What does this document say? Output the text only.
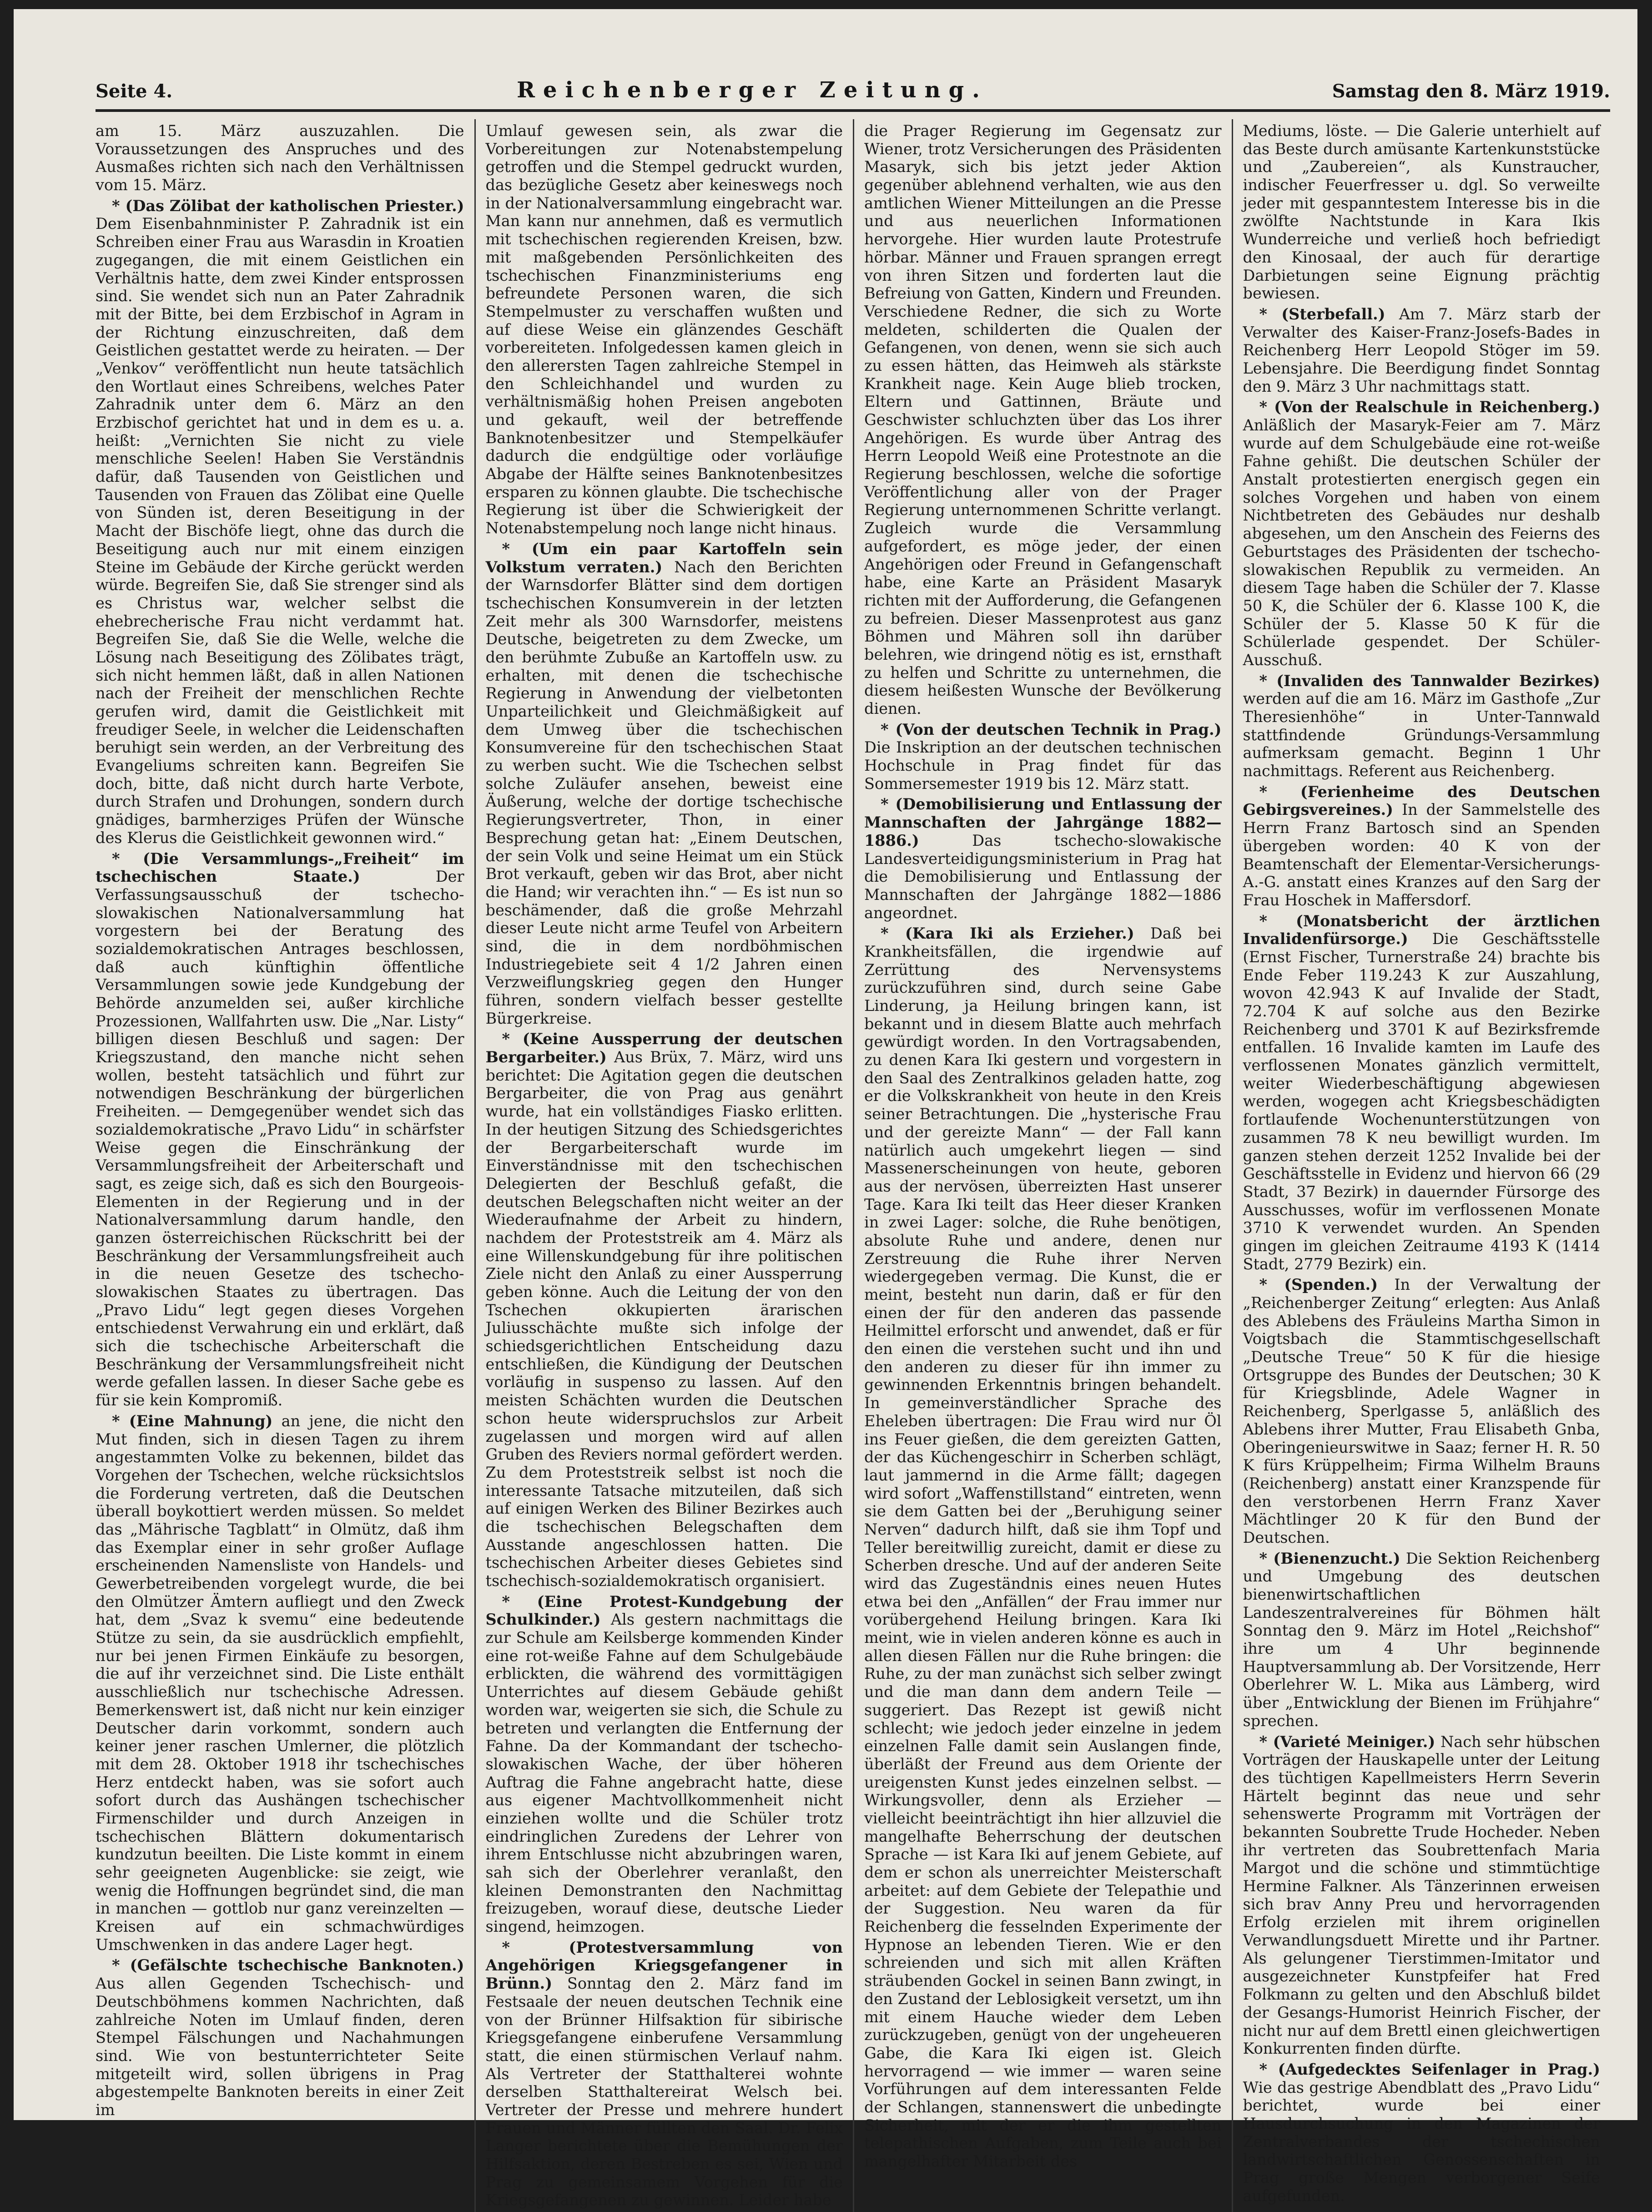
Seite 4.	Reichenberger Zeitung.	Samstag den 8. März 1919.

am 15. März auszuzahlen. Die Voraussetzungen des Anspruches und des Ausmaßes richten sich nach den Verhältnissen vom 15. März.

* (Das Zölibat der katholischen Priester.) Dem Eisenbahnminister P. Zahradnik ist ein Schreiben einer Frau aus Warasdin in Kroatien zugegangen, die mit einem Geistlichen ein Verhältnis hatte, dem zwei Kinder entsprossen sind. Sie wendet sich nun an Pater Zahradnik mit der Bitte, bei dem Erzbischof in Agram in der Richtung einzuschreiten, daß dem Geistlichen gestattet werde zu heiraten. — Der „Venkov“ veröffentlicht nun heute tatsächlich den Wortlaut eines Schreibens, welches Pater Zahradnik unter dem 6. März an den Erzbischof gerichtet hat und in dem es u. a. heißt: „Vernichten Sie nicht zu viele menschliche Seelen! Haben Sie Verständnis dafür, daß Tausenden von Geistlichen und Tausenden von Frauen das Zölibat eine Quelle von Sünden ist, deren Beseitigung in der Macht der Bischöfe liegt, ohne das durch die Beseitigung auch nur mit einem einzigen Steine im Gebäude der Kirche gerückt werden würde. Begreifen Sie, daß Sie strenger sind als es Christus war, welcher selbst die ehebrecherische Frau nicht verdammt hat. Begreifen Sie, daß Sie die Welle, welche die Lösung nach Beseitigung des Zölibates trägt, sich nicht hemmen läßt, daß in allen Nationen nach der Freiheit der menschlichen Rechte gerufen wird, damit die Geistlichkeit mit freudiger Seele, in welcher die Leidenschaften beruhigt sein werden, an der Verbreitung des Evangeliums schreiten kann. Begreifen Sie doch, bitte, daß nicht durch harte Verbote, durch Strafen und Drohungen, sondern durch gnädiges, barmherziges Prüfen der Wünsche des Klerus die Geistlichkeit gewonnen wird.“

* (Die Versammlungs-„Freiheit“ im tschechischen Staate.)	Der Verfassungsausschuß der tschecho-slowakischen Nationalversammlung hat vorgestern bei der Beratung des sozialdemokratischen Antrages beschlossen, daß auch künftighin öffentliche Versammlungen sowie jede Kundgebung der Behörde anzumelden sei, außer kirchliche Prozessionen, Wallfahrten usw. Die „Nar. Listy“ billigen diesen Beschluß und sagen: Der Kriegszustand, den manche nicht sehen wollen, besteht tatsächlich und führt zur notwendigen Beschränkung der bürgerlichen Freiheiten. — Demgegenüber wendet sich das sozialdemokratische „Pravo Lidu“ in schärfster Weise gegen die Einschränkung der Versammlungsfreiheit der Arbeiterschaft und sagt, es zeige sich, daß es sich den Bourgeois-Elementen in der Regierung und in der Nationalversammlung darum handle, den ganzen österreichischen Rückschritt bei der Beschränkung der Versammlungsfreiheit auch in die neuen Gesetze des tschecho-slowakischen Staates zu übertragen. Das „Pravo Lidu“ legt gegen dieses Vorgehen entschiedenst Verwahrung ein und erklärt, daß sich die tschechische Arbeiterschaft die Beschränkung der Versammlungsfreiheit nicht werde gefallen lassen. In dieser Sache gebe es für sie kein Kompromiß.

* (Eine Mahnung) an jene, die nicht den Mut finden, sich in diesen Tagen zu ihrem angestammten Volke zu bekennen, bildet das Vorgehen der Tschechen, welche rücksichtslos die Forderung vertreten, daß die Deutschen überall boykottiert werden müssen. So meldet das „Mährische Tagblatt“ in Olmütz, daß ihm das Exemplar einer in sehr großer Auflage erscheinenden Namensliste von Handels- und Gewerbetreibenden vorgelegt wurde, die bei den Olmützer Ämtern aufliegt und den Zweck hat, dem „Svaz k svemu“ eine bedeutende Stütze zu sein, da sie ausdrücklich empfiehlt, nur bei jenen Firmen Einkäufe zu besorgen, die auf ihr verzeichnet sind. Die Liste enthält ausschließlich nur tschechische Adressen. Bemerkenswert ist, daß nicht nur kein einziger Deutscher darin vorkommt, sondern auch keiner jener raschen Umlerner, die plötzlich mit dem 28. Oktober 1918 ihr tschechisches Herz entdeckt haben, was sie sofort auch sofort durch das Aushängen tschechischer Firmenschilder und durch Anzeigen in tschechischen Blättern dokumentarisch kundzutun beeilten. Die Liste kommt in einem sehr geeigneten Augenblicke: sie zeigt, wie wenig die Hoffnungen begründet sind, die man in manchen — gottlob nur ganz vereinzelten — Kreisen auf ein schmachwürdiges Umschwenken in das andere Lager hegt.

* (Gefälschte tschechische Banknoten.) Aus allen Gegenden Tschechisch- und Deutschböhmens kommen Nachrichten, daß zahlreiche Noten im Umlauf finden, deren Stempel Fälschungen und Nachahmungen sind. Wie von bestunterrichteter Seite mitgeteilt wird, sollen übrigens in Prag abgestempelte Banknoten bereits in einer Zeit im

Umlauf gewesen sein, als zwar die Vorbereitungen zur Notenabstempelung getroffen und die Stempel gedruckt wurden, das bezügliche Gesetz aber keineswegs noch in der Nationalversammlung eingebracht war. Man kann nur annehmen, daß es vermutlich mit tschechischen regierenden Kreisen, bzw. mit maßgebenden Persönlichkeiten des tschechischen Finanzministeriums eng befreundete Personen waren, die sich Stempelmuster zu verschaffen wußten und auf diese Weise ein glänzendes Geschäft vorbereiteten. Infolgedessen kamen gleich in den allerersten Tagen zahlreiche Stempel in den Schleichhandel und wurden zu verhältnismäßig hohen Preisen angeboten und gekauft, weil der betreffende Banknotenbesitzer und Stempelkäufer dadurch die endgültige oder vorläufige Abgabe der Hälfte seines Banknotenbesitzes ersparen zu können glaubte. Die tschechische Regierung ist über die Schwierigkeit der Notenabstempelung noch lange nicht hinaus.

* (Um ein paar Kartoffeln sein Volkstum verraten.) Nach den Berichten der Warnsdorfer Blätter sind dem dortigen tschechischen Konsumverein in der letzten Zeit mehr als 300 Warnsdorfer, meistens Deutsche, beigetreten zu dem Zwecke, um den berühmte Zubuße an Kartoffeln usw. zu erhalten, mit denen die tschechische Regierung in Anwendung der vielbetonten Unparteilichkeit und Gleichmäßigkeit auf dem Umweg über die tschechischen Konsumvereine für den tschechischen Staat zu werben sucht. Wie die Tschechen selbst solche Zuläufer ansehen, beweist eine Äußerung, welche der dortige tschechische Regierungsvertreter, Thon, in einer Besprechung getan hat: „Einem Deutschen, der sein Volk und seine Heimat um ein Stück Brot verkauft, geben wir das Brot, aber nicht die Hand; wir verachten ihn.“ — Es ist nun so beschämender, daß die große Mehrzahl dieser Leute nicht arme Teufel von Arbeitern sind, die in dem nordböhmischen Industriegebiete seit 4 1/2 Jahren einen Verzweiflungskrieg gegen den Hunger führen, sondern vielfach besser gestellte Bürgerkreise.

* (Keine Aussperrung der deutschen Bergarbeiter.) Aus Brüx, 7. März, wird uns berichtet: Die Agitation gegen die deutschen Bergarbeiter, die von Prag aus genährt wurde, hat ein vollständiges Fiasko erlitten. In der heutigen Sitzung des Schiedsgerichtes der Bergarbeiterschaft wurde im Einverständnisse mit den tschechischen Delegierten der Beschluß gefaßt, die deutschen Belegschaften nicht weiter an der Wiederaufnahme der Arbeit zu hindern, nachdem der Proteststreik am 4. März als eine Willenskundgebung für ihre politischen Ziele nicht den Anlaß zu einer Aussperrung geben könne. Auch die Leitung der von den Tschechen okkupierten ärarischen Juliusschächte mußte sich infolge der schiedsgerichtlichen Entscheidung dazu entschließen, die Kündigung der Deutschen vorläufig in suspenso zu lassen. Auf den meisten Schächten wurden die Deutschen schon heute widerspruchslos zur Arbeit zugelassen und morgen wird auf allen Gruben des Reviers normal gefördert werden. Zu dem Proteststreik selbst ist noch die interessante Tatsache mitzuteilen, daß sich auf einigen Werken des Biliner Bezirkes auch die tschechischen Belegschaften dem Ausstande angeschlossen hatten. Die tschechischen Arbeiter dieses Gebietes sind tschechisch-sozialdemokratisch organisiert.

* (Eine Protest-Kundgebung der Schulkinder.) Als gestern nachmittags die zur Schule am Keilsberge kommenden Kinder eine rot-weiße Fahne auf dem Schulgebäude erblickten, die während des vormittägigen Unterrichtes auf diesem Gebäude gehißt worden war, weigerten sie sich, die Schule zu betreten und verlangten die Entfernung der Fahne. Da der Kommandant der tschecho-slowakischen Wache, der über höheren Auftrag die Fahne angebracht hatte, diese aus eigener Machtvollkommenheit nicht einziehen wollte und die Schüler trotz eindringlichen Zuredens der Lehrer von ihrem Entschlusse nicht abzubringen waren, sah sich der Oberlehrer veranlaßt, den kleinen Demonstranten den Nachmittag freizugeben, worauf diese, deutsche Lieder singend, heimzogen.

* (Protestversammlung von Angehörigen Kriegsgefangener in Brünn.) Sonntag den 2. März fand im Festsaale der neuen deutschen Technik eine von der Brünner Hilfsaktion für sibirische Kriegsgefangene einberufene Versammlung statt, die einen stürmischen Verlauf nahm. Als Vertreter der Statthalterei wohnte derselben Statthaltereirat Welsch bei. Vertreter der Presse und mehrere hundert Frauen und Männer füllten den Saal. Dr. Felix Langer berichtete über die Bemühungen der Hilfsaktion, deren Bestreben es sei, Wien und Prag zu gemeinsamem Vorgehen für die Kriegsgefangenen zu gewinnen. Leider habe

die Prager Regierung im Gegensatz zur Wiener, trotz Versicherungen des Präsidenten Masaryk, sich bis jetzt jeder Aktion gegenüber ablehnend verhalten, wie aus den amtlichen Wiener Mitteilungen an die Presse und aus neuerlichen Informationen hervorgehe. Hier wurden laute Protestrufe hörbar. Männer und Frauen sprangen erregt von ihren Sitzen und forderten laut die Befreiung von Gatten, Kindern und Freunden. Verschiedene Redner, die sich zu Worte meldeten, schilderten die Qualen der Gefangenen, von denen, wenn sie sich auch zu essen hätten, das Heimweh als stärkste Krankheit nage. Kein Auge blieb trocken, Eltern und Gattinnen, Bräute und Geschwister schluchzten über das Los ihrer Angehörigen. Es wurde über Antrag des Herrn Leopold Weiß eine Protestnote an die Regierung beschlossen, welche die sofortige Veröffentlichung aller von der Prager Regierung unternommenen Schritte verlangt. Zugleich wurde die Versammlung aufgefordert, es möge jeder, der einen Angehörigen oder Freund in Gefangenschaft habe, eine Karte an Präsident Masaryk richten mit der Aufforderung, die Gefangenen zu befreien. Dieser Massenprotest aus ganz Böhmen und Mähren soll ihn darüber belehren, wie dringend nötig es ist, ernsthaft zu helfen und Schritte zu unternehmen, die diesem heißesten Wunsche der Bevölkerung dienen.

* (Von der deutschen Technik in Prag.) Die Inskription an der deutschen technischen Hochschule in Prag findet für das Sommersemester 1919 bis 12. März statt.

* (Demobilisierung und Entlassung der Mannschaften der Jahrgänge 1882—1886.)	Das tschecho-slowakische Landesverteidigungsministerium in Prag hat die Demobilisierung und Entlassung der Mannschaften der Jahrgänge 1882—1886 angeordnet.

* (Kara Iki als Erzieher.) Daß bei Krankheitsfällen, die irgendwie auf Zerrüttung des Nervensystems zurückzuführen sind, durch seine Gabe Linderung, ja Heilung bringen kann, ist bekannt und in diesem Blatte auch mehrfach gewürdigt worden. In den Vortragsabenden, zu denen Kara Iki gestern und vorgestern in den Saal des Zentralkinos geladen hatte, zog er die Volkskrankheit von heute in den Kreis seiner Betrachtungen. Die „hysterische Frau und der gereizte Mann“ — der Fall kann natürlich auch umgekehrt liegen — sind Massenerscheinungen von heute, geboren aus der nervösen, überreizten Hast unserer Tage. Kara Iki teilt das Heer dieser Kranken in zwei Lager: solche, die Ruhe benötigen, absolute Ruhe und andere, denen nur Zerstreuung die Ruhe ihrer Nerven wiedergegeben vermag. Die Kunst, die er meint, besteht nun darin, daß er für den einen der für den anderen das passende Heilmittel erforscht und anwendet, daß er für den einen die verstehen sucht und ihn und den anderen zu dieser für ihn immer zu gewinnenden Erkenntnis bringen behandelt. In gemeinverständlicher Sprache des Eheleben übertragen: Die Frau wird nur Öl ins Feuer gießen, die dem gereizten Gatten, der das Küchengeschirr in Scherben schlägt, laut jammernd in die Arme fällt; dagegen wird sofort „Waffenstillstand“ eintreten, wenn sie dem Gatten bei der „Beruhigung seiner Nerven“ dadurch hilft, daß sie ihm Topf und Teller bereitwillig zureicht, damit er diese zu Scherben dresche. Und auf der anderen Seite wird das Zugeständnis eines neuen Hutes etwa bei den „Anfällen“ der Frau immer nur vorübergehend Heilung bringen. Kara Iki meint, wie in vielen anderen könne es auch in allen diesen Fällen nur die Ruhe bringen: die Ruhe, zu der man zunächst sich selber zwingt und die man dann dem andern Teile — suggeriert. Das Rezept ist gewiß nicht schlecht; wie jedoch jeder einzelne in jedem einzelnen Falle damit sein Auslangen finde, überläßt der Freund aus dem Oriente der ureigensten Kunst jedes einzelnen selbst. — Wirkungsvoller, denn als Erzieher — vielleicht beeinträchtigt ihn hier allzuviel die mangelhafte Beherrschung der deutschen Sprache — ist Kara Iki auf jenem Gebiete, auf dem er schon als unerreichter Meisterschaft arbeitet: auf dem Gebiete der Telepathie und der Suggestion. Neu waren da für Reichenberg die fesselnden Experimente der Hypnose an lebenden Tieren. Wie er den schreienden und sich mit allen Kräften sträubenden Gockel in seinen Bann zwingt, in den Zustand der Leblosigkeit versetzt, um ihn mit einem Hauche wieder dem Leben zurückzugeben, genügt von der ungeheueren Gabe, die Kara Iki eigen ist. Gleich hervorragend — wie immer — waren seine Vorführungen auf dem interessanten Felde der Schlangen, stannenswert die unbedingte Sicherheit, mit der er die ihm gestellten telepathischen Aufgaben, zum Teile auch bei mangelhafter Mitarbeit des

Mediums, löste. — Die Galerie unterhielt auf das Beste durch amüsante Kartenkunststücke und „Zaubereien“, als Kunstraucher, indischer Feuerfresser u. dgl. So verweilte jeder mit gespanntestem Interesse bis in die zwölfte Nachtstunde in Kara Ikis Wunderreiche und verließ hoch befriedigt den Kinosaal, der auch für derartige Darbietungen seine Eignung prächtig bewiesen.

* (Sterbefall.) Am 7. März starb der Verwalter des Kaiser-Franz-Josefs-Bades in Reichenberg Herr Leopold Stöger im 59. Lebensjahre. Die Beerdigung findet Sonntag den 9. März 3 Uhr nachmittags statt.

* (Von der Realschule in Reichenberg.) Anläßlich der Masaryk-Feier am 7. März wurde auf dem Schulgebäude eine rot-weiße Fahne gehißt. Die deutschen Schüler der Anstalt protestierten energisch gegen ein solches Vorgehen und haben von einem Nichtbetreten des Gebäudes nur deshalb abgesehen, um den Anschein des Feierns des Geburtstages des Präsidenten der tschecho-slowakischen Republik zu vermeiden. An diesem Tage haben die Schüler der 7. Klasse 50 K, die Schüler der 6. Klasse 100 K, die Schüler der 5. Klasse 50 K für die Schülerlade gespendet. Der Schüler-Ausschuß.

* (Invaliden des Tannwalder Bezirkes) werden auf die am 16. März im Gasthofe „Zur Theresienhöhe“ in Unter-Tannwald stattfindende Gründungs-Versammlung aufmerksam gemacht. Beginn 1 Uhr nachmittags. Referent aus Reichenberg.

* (Ferienheime des Deutschen Gebirgsvereines.) In der Sammelstelle des Herrn Franz Bartosch sind an Spenden übergeben worden: 40 K von der Beamtenschaft der Elementar-Versicherungs-A.-G. anstatt eines Kranzes auf den Sarg der Frau Hoschek in Maffersdorf.

* (Monatsbericht der ärztlichen Invalidenfürsorge.) Die Geschäftsstelle (Ernst Fischer, Turnerstraße 24) brachte bis Ende Feber 119.243 K zur Auszahlung, wovon 42.943 K auf Invalide der Stadt, 72.704 K auf solche aus den Bezirke Reichenberg und 3701 K auf Bezirksfremde entfallen. 16 Invalide kamten im Laufe des verflossenen Monates gänzlich vermittelt, weiter Wiederbeschäftigung abgewiesen werden, wogegen acht Kriegsbeschädigten fortlaufende Wochenunterstützungen von zusammen 78 K neu bewilligt wurden. Im ganzen stehen derzeit 1252 Invalide bei der Geschäftsstelle in Evidenz und hiervon 66 (29 Stadt, 37 Bezirk) in dauernder Fürsorge des Ausschusses, wofür im verflossenen Monate 3710 K verwendet wurden. An Spenden gingen im gleichen Zeitraume 4193 K (1414 Stadt, 2779 Bezirk) ein.

* (Spenden.) In der Verwaltung der „Reichenberger Zeitung“ erlegten: Aus Anlaß des Ablebens des Fräuleins Martha Simon in Voigtsbach die Stammtischgesellschaft „Deutsche Treue“ 50 K für die hiesige Ortsgruppe des Bundes der Deutschen; 30 K für Kriegsblinde, Adele Wagner in Reichenberg, Sperlgasse 5, anläßlich des Ablebens ihrer Mutter, Frau Elisabeth Gnba, Oberingenieurswitwe in Saaz; ferner H. R. 50 K fürs Krüppelheim; Firma Wilhelm Brauns (Reichenberg) anstatt einer Kranzspende für den verstorbenen Herrn Franz Xaver Mächtlinger 20 K für den Bund der Deutschen.

* (Bienenzucht.) Die Sektion Reichenberg und Umgebung des deutschen bienenwirtschaftlichen Landeszentralvereines für Böhmen hält Sonntag den 9. März im Hotel „Reichshof“ ihre um 4 Uhr beginnende Hauptversammlung ab. Der Vorsitzende, Herr Oberlehrer W. L. Mika aus Lämberg, wird über „Entwicklung der Bienen im Frühjahre“ sprechen.

* (Varieté Meiniger.) Nach sehr hübschen Vorträgen der Hauskapelle unter der Leitung des tüchtigen Kapellmeisters Herrn Severin Härtelt beginnt das neue und sehr sehenswerte Programm mit Vorträgen der bekannten Soubrette Trude Hocheder. Neben ihr vertreten das Soubrettenfach Maria Margot und die schöne und stimmtüchtige Hermine Falkner. Als Tänzerinnen erweisen sich brav Anny Preu und hervorragenden Erfolg erzielen mit ihrem originellen Verwandlungsduett Mirette und ihr Partner. Als gelungener Tierstimmen-Imitator und ausgezeichneter Kunstpfeifer hat Fred Folkmann zu gelten und den Abschluß bildet der Gesangs-Humorist Heinrich Fischer, der nicht nur auf dem Brettl einen gleichwertigen Konkurrenten finden dürfte.

* (Aufgedecktes Seifenlager in Prag.) Wie das gestrige Abendblatt des „Pravo Lidu“ berichtet, wurde bei einer Hausdurchsuchung in den Magazinen der Zentralverbandes der tschechischen landwirtschaftlichen Genossenschaften in Prag große Mengen verborgener Seife aufgefunden.
